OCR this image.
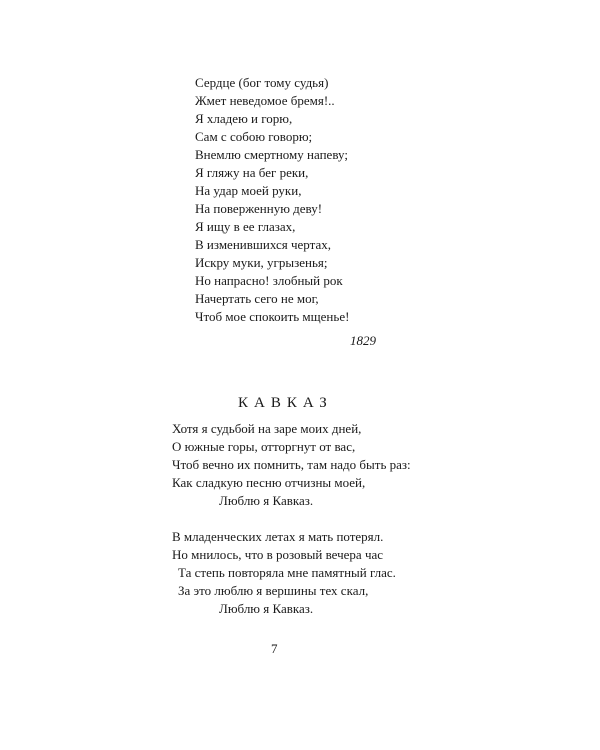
Сердце (бог тому судья)
Жмет неведомое бремя!..
Я хладею и горю,
Сам с собою говорю;
Внемлю смертному напеву;
Я гляжу на бег реки,
На удар моей руки,
На поверженную деву!
Я ищу в ее глазах,
В изменившихся чертах,
Искру муки, угрызенья;
Но напрасно! злобный рок
Начертать сего не мог,
Чтоб мое спокоить мщенье!
1829
КАВКАЗ
Хотя я судьбой на заре моих дней,
О южные горы, отторгнут от вас,
Чтоб вечно их помнить, там надо быть раз:
Как сладкую песню отчизны моей,
Люблю я Кавказ.
В младенческих летах я мать потерял.
Но мнилось, что в розовый вечера час
Та степь повторяла мне памятный глас.
За это люблю я вершины тех скал,
Люблю я Кавказ.
7
